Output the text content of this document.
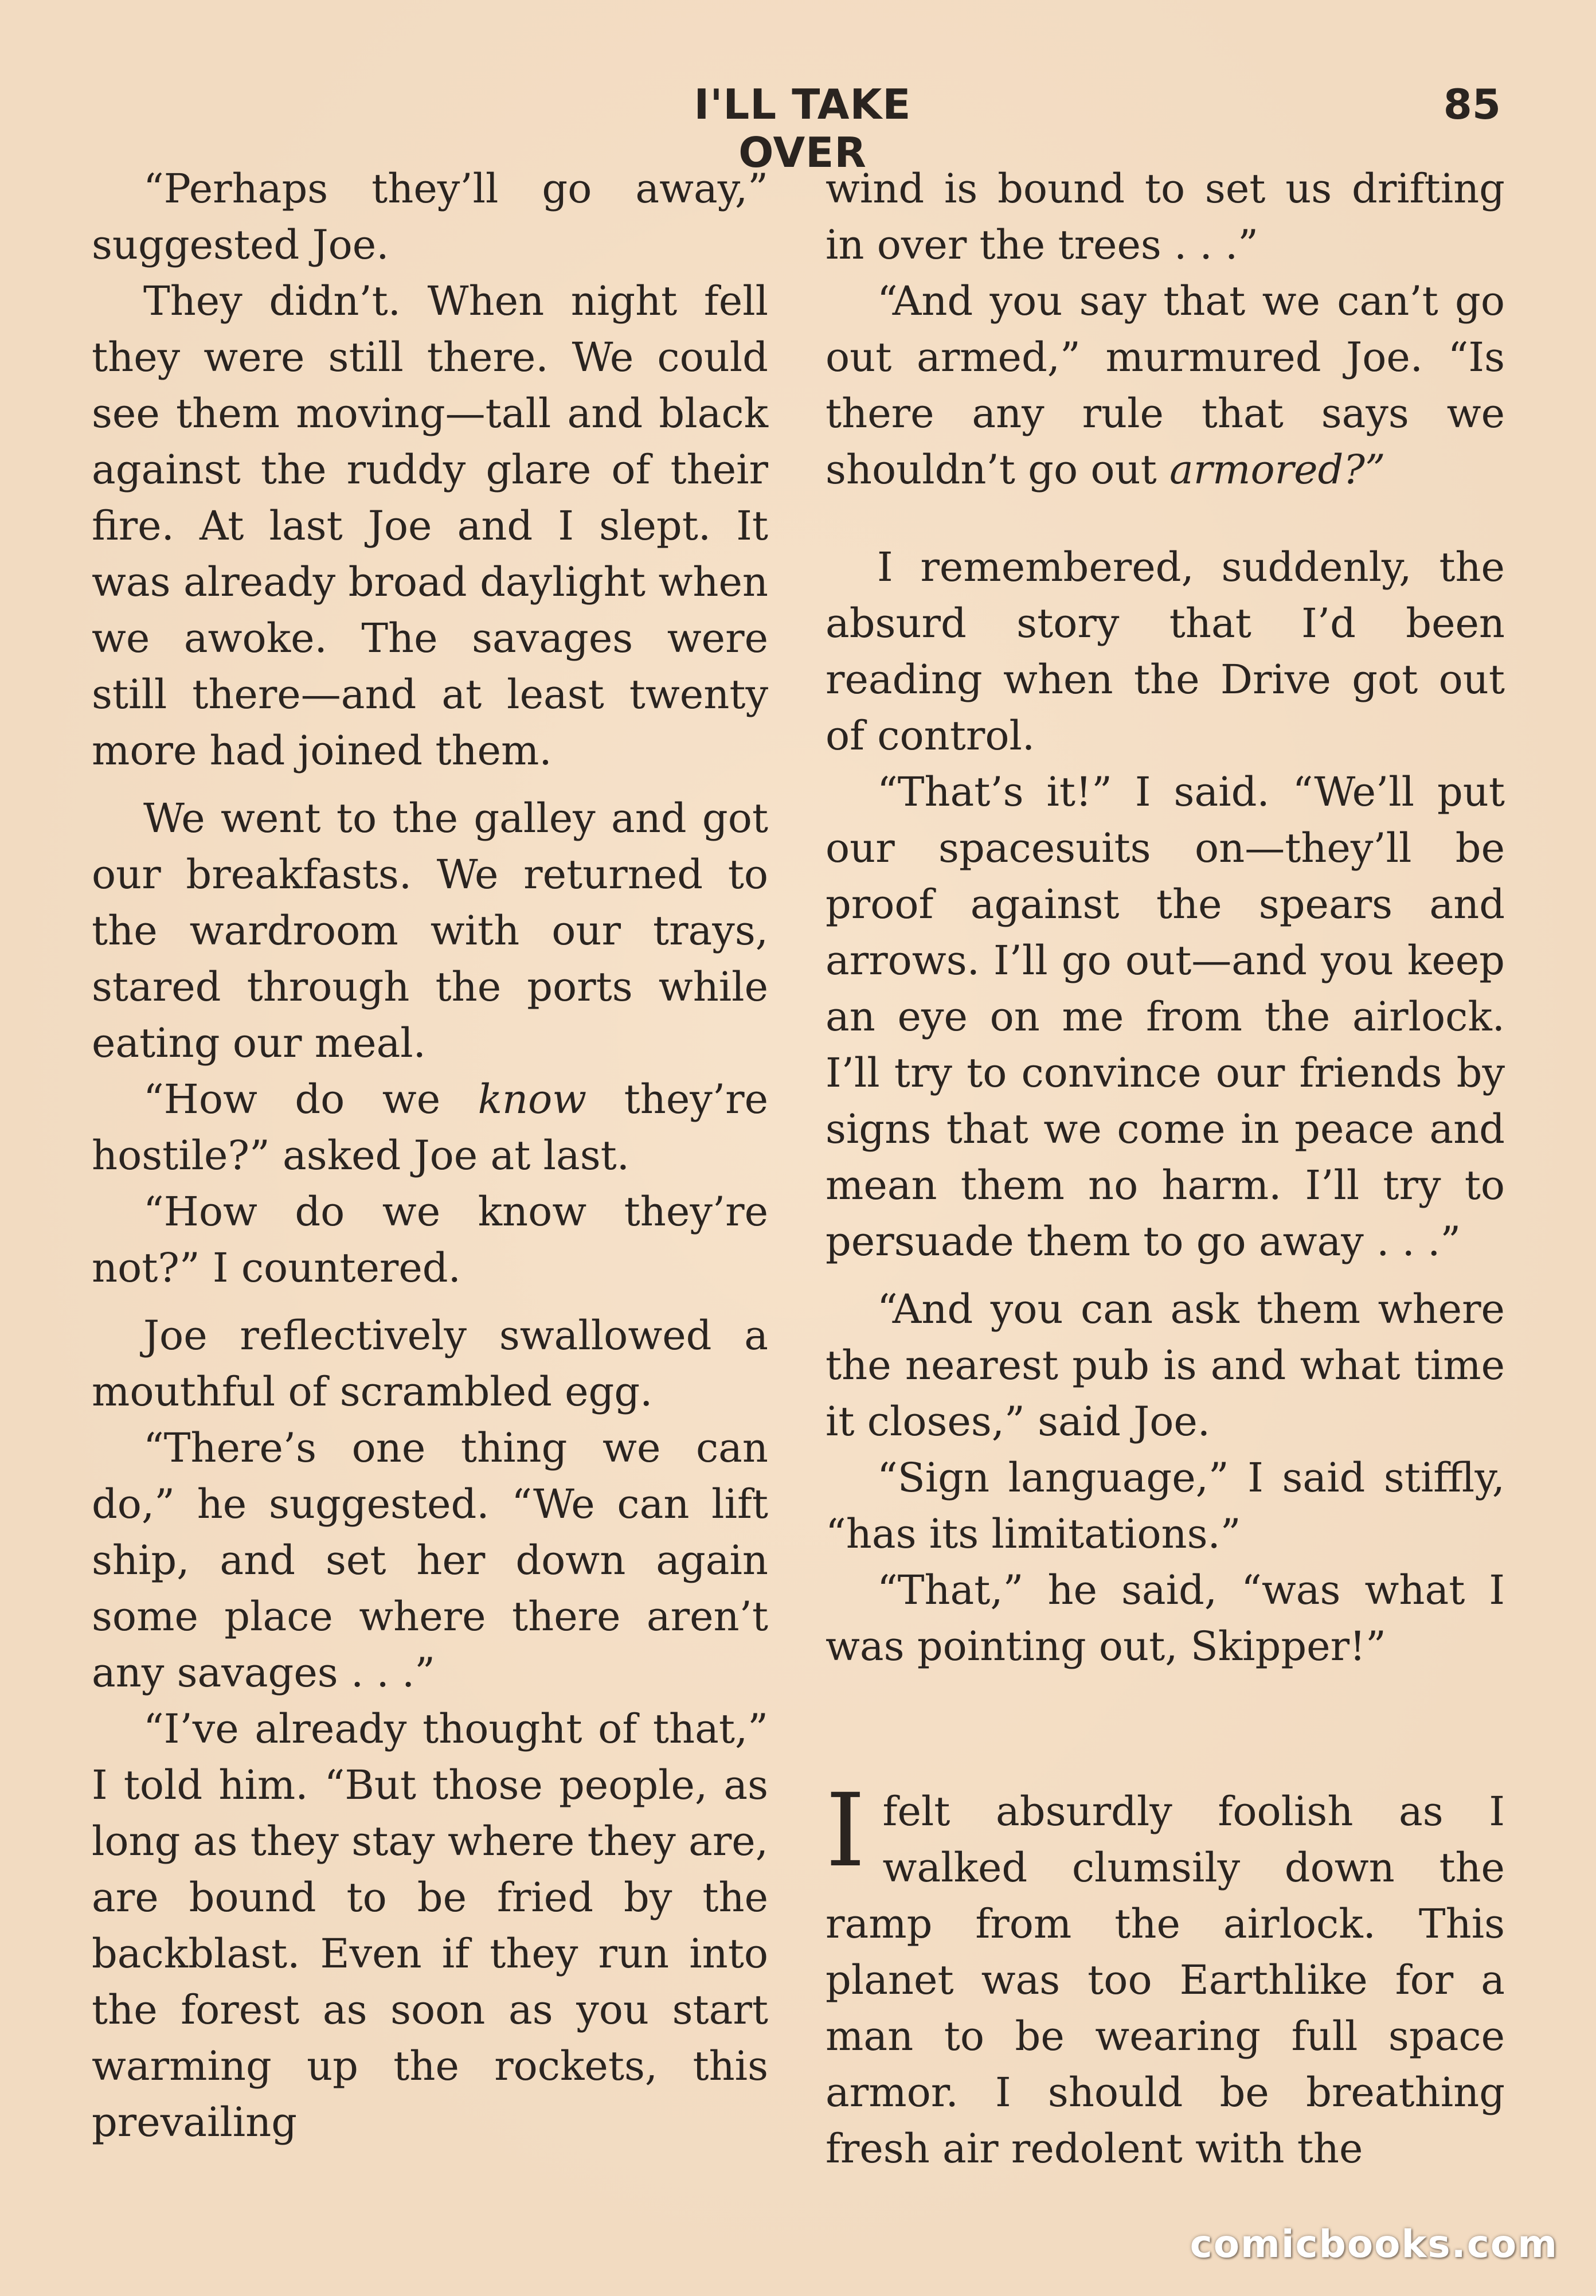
I'LL TAKE OVER
85

“Perhaps they’ll go away,” suggested Joe.

They didn’t. When night fell they were still there. We could see them moving—tall and black against the ruddy glare of their fire. At last Joe and I slept. It was already broad daylight when we awoke. The savages were still there—and at least twenty more had joined them.

We went to the galley and got our breakfasts. We returned to the wardroom with our trays, stared through the ports while eating our meal.

“How do we know they’re hostile?” asked Joe at last.

“How do we know they’re not?” I countered.

Joe reflectively swallowed a mouthful of scrambled egg.

“There’s one thing we can do,” he suggested. “We can lift ship, and set her down again some place where there aren’t any savages . . .”

“I’ve already thought of that,” I told him. “But those people, as long as they stay where they are, are bound to be fried by the backblast. Even if they run into the forest as soon as you start warming up the rockets, this prevailing

wind is bound to set us drifting in over the trees . . .”

“And you say that we can’t go out armed,” murmured Joe. “Is there any rule that says we shouldn’t go out armored?”

I remembered, suddenly, the absurd story that I’d been reading when the Drive got out of control.

“That’s it!” I said. “We’ll put our spacesuits on—they’ll be proof against the spears and arrows. I’ll go out—and you keep an eye on me from the airlock. I’ll try to convince our friends by signs that we come in peace and mean them no harm. I’ll try to persuade them to go away . . .”

“And you can ask them where the nearest pub is and what time it closes,” said Joe.

“Sign language,” I said stiffly, “has its limitations.”

“That,” he said, “was what I was pointing out, Skipper!”

Ifelt absurdly foolish as I walked clumsily down the ramp from the airlock. This planet was too Earthlike for a man to be wearing full space armor. I should be breathing fresh air redolent with the

comicbooks.com
